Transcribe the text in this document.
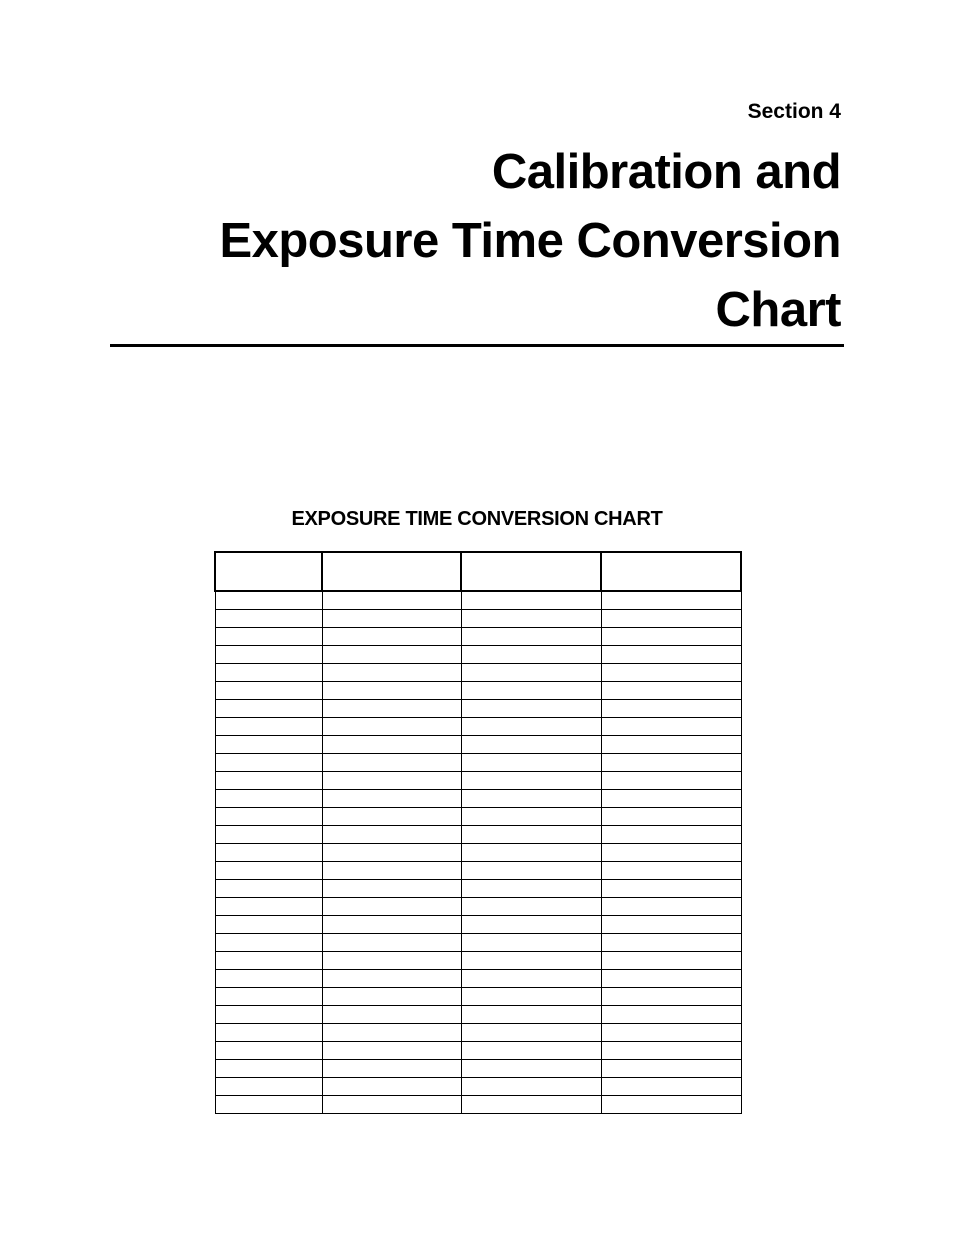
Section 4
Calibration and
Exposure Time Conversion
Chart
EXPOSURE TIME CONVERSION CHART
